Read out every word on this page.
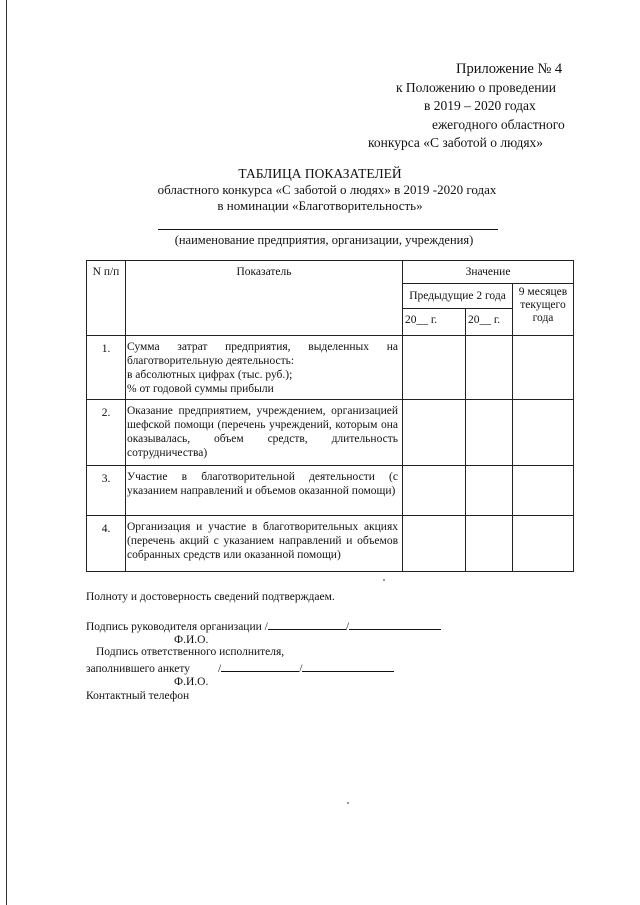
Приложение № 4
к Положению о проведении
в 2019 – 2020 годах
ежегодного областного
конкурса «С заботой о людях»
ТАБЛИЦА ПОКАЗАТЕЛЕЙ
областного конкурса «С заботой о людях» в 2019 -2020 годах
в номинации «Благотворительность»
(наименование предприятия, организации, учреждения)
N п/п	Показатель	Значение		
		Предыдущие 2 года		9 месяцев текущего года
		20__ г.	20__ г.	
1.	Сумма затрат предприятия, выделенных на благотворительную деятельность:
в абсолютных цифрах (тыс. руб.);
% от годовой суммы прибыли			

2.	Оказание предприятием, учреждением, организацией шефской помощи (перечень учреждений, которым она оказывалась, объем средств, длительность сотрудничества)			

3.	Участие в благотворительной деятельности (с указанием направлений и объемов оказанной помощи)			

4.	Организация и участие в благотворительных акциях (перечень акций с указанием направлений и объемов собранных средств или оказанной помощи)			

Полноту и достоверность сведений подтверждаем.
Подпись руководителя организации /	/
Ф.И.О.
Подпись ответственного исполнителя,
заполнившего анкету /	/
Ф.И.О.
Контактный телефон
